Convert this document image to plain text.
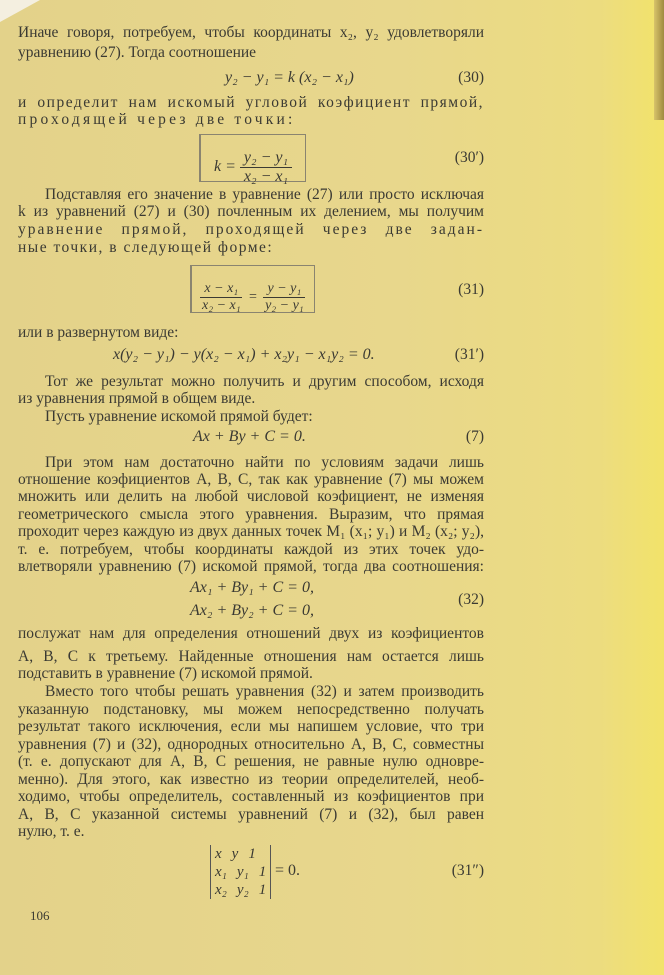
Иначе говоря, потребуем, чтобы координаты x₂, y₂ удовлетворяли
уравнению (27). Тогда соотношение
y₂ − y₁ = k (x₂ − x₁)	(30)
и определит нам искомый угловой коэфициент прямой,
проходящей через две точки:
$k = \frac{\text{y₂ − y₁}}{\text{x₂ − x₁}}$	(30′)
Подставляя его значение в уравнение (27) или просто исключая
k из уравнений (27) и (30) почленным их делением, мы получим
уравнение прямой, проходящей через две задан-
ные точки, в следующей форме:
$\frac{\text{x − x₁}}{\text{x₂ − x₁}} = \frac{\text{y − y₁}}{\text{y₂ − y₁}}$	(31)
или в развернутом виде:
x(y₂ − y₁) − y(x₂ − x₁) + x₂y₁ − x₁y₂ = 0.	(31′)
Тот же результат можно получить и другим способом, исходя
из уравнения прямой в общем виде.
Пусть уравнение искомой прямой будет:
Ax + By + C = 0.	(7)
При этом нам достаточно найти по условиям задачи лишь
отношение коэфициентов A, B, C, так как уравнение (7) мы можем
множить или делить на любой числовой коэфициент, не изменяя
геометрического смысла этого уравнения. Выразим, что прямая
проходит через каждую из двух данных точек M₁ (x₁; y₁) и M₂ (x₂; y₂),
т. е. потребуем, чтобы координаты каждой из этих точек удо-
влетворяли уравнению (7) искомой прямой, тогда два соотношения:
Ax₁ + By₁ + C = 0,
Ax₂ + By₂ + C = 0,
(32)
послужат нам для определения отношений двух из коэфициентов
A, B, C к третьему. Найденные отношения нам остается лишь
подставить в уравнение (7) искомой прямой.
Вместо того чтобы решать уравнения (32) и затем производить
указанную подстановку, мы можем непосредственно получать
результат такого исключения, если мы напишем условие, что три
уравнения (7) и (32), однородных относительно A, B, C, совместны
(т. е. допускают для A, B, C решения, не равные нулю одновре-
менно). Для этого, как известно из теории определителей, необ-
ходимо, чтобы определитель, составленный из коэфициентов при
A, B, C указанной системы уравнений (7) и (32), был равен
нулю, т. е.
x y 1
x₁ y₁ 1
x₂ y₂ 1
= 0.	(31″)
106
